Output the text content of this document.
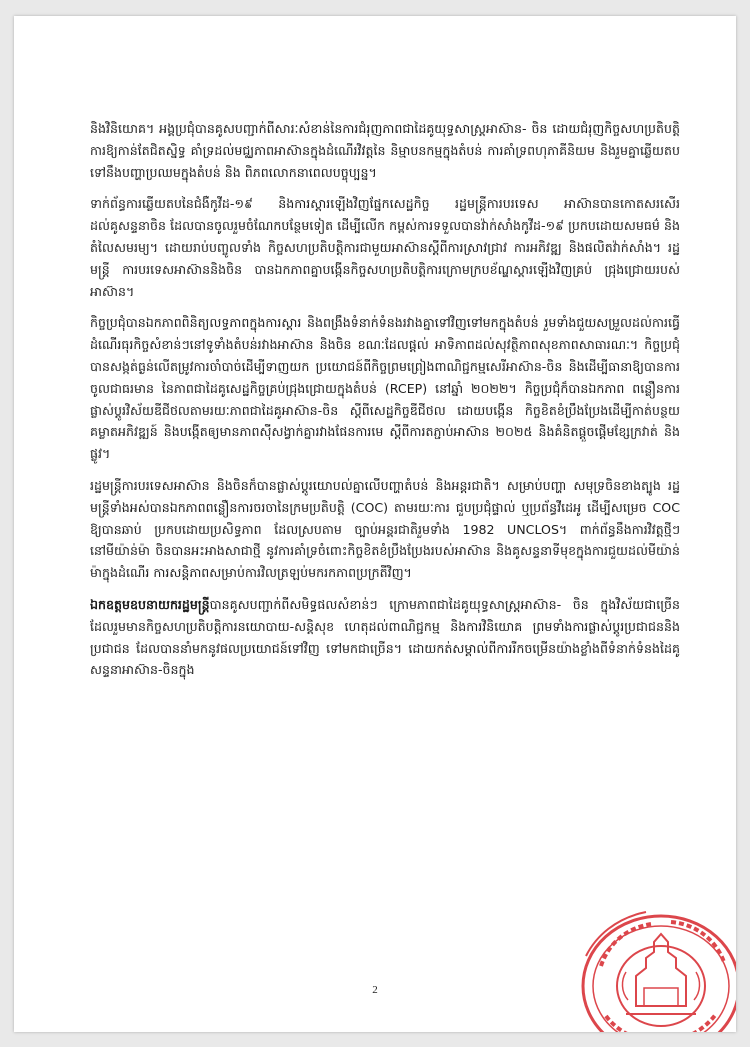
និងវិនិយោគ។ អង្គប្រជុំបានគូសបញ្ជាក់ពីសារៈសំខាន់នៃការជំរុញភាពជាដៃគូយុទ្ធសាស្ត្រអាស៊ាន- ចិន ដោយជំរុញកិច្ចសហប្រតិបត្តិការឱ្យកាន់តែជិតស្និទ្ធ គាំទ្រដល់មជ្ឈភាពអាស៊ានក្នុងដំណើរវិវត្តនៃ និម្មាបនកម្មក្នុងតំបន់ ការគាំទ្រពហុភាគីនិយម និងរួមគ្នាឆ្លើយតបទៅនឹងបញ្ហាប្រឈមក្នុងតំបន់ និង ពិភពលោកនាពេលបច្ចុប្បន្ន។

ទាក់ព័ន្ធការឆ្លើយតបនៃជំងឺកូវីដ-១៩ និងការស្តារឡើងវិញផ្នែកសេដ្ឋកិច្ច រដ្ឋមន្ត្រីការបរទេស អាស៊ានបានកោតសរសើរដល់គូសន្ទនាចិន ដែលបានចូលរួមចំណែកបន្ថែមទៀត ដើម្បីលើក កម្ពស់ការទទួលបានវ៉ាក់សាំងកូវីដ-១៩ ប្រកបដោយសមធម៌ និងតំលៃសមរម្យ។ ដោយរាប់បញ្ចូលទាំង កិច្ចសហប្រតិបត្តិការជាមួយអាស៊ានស្តីពីការស្រាវជ្រាវ ការអភិវឌ្ឍ និងផលិតវ៉ាក់សាំង។ រដ្ឋមន្ត្រី ការបរទេសអាស៊ាននិងចិន បានឯកភាពគ្នាបង្កើនកិច្ចសហប្រតិបត្តិការក្រោមក្របខ័ណ្ឌស្តារឡើងវិញគ្រប់ ជ្រុងជ្រោយរបស់អាស៊ាន។

កិច្ចប្រជុំបានឯកភាពពិនិត្យលទ្ធភាពក្នុងការស្តារ និងពង្រឹងទំនាក់ទំនងរវាងគ្នាទៅវិញទៅមកក្នុងតំបន់ រួមទាំងជួយសម្រួលដល់ការធ្វើដំណើរធុរកិច្ចសំខាន់ៗនៅទូទាំងតំបន់រវាងអាស៊ាន និងចិន ខណៈដែលផ្តល់ អាទិភាពដល់សុវត្ថិភាពសុខភាពសាធារណៈ។ កិច្ចប្រជុំបានសង្កត់ធ្ងន់លើតម្រូវការចាំបាច់ដើម្បីទាញយក ប្រយោជន៍ពីកិច្ចព្រមព្រៀងពាណិជ្ជកម្មសេរីអាស៊ាន-ចិន និងដើម្បីធានាឱ្យបានការចូលជាធរមាន នៃភាពជាដៃគូសេដ្ឋកិច្ចគ្រប់ជ្រុងជ្រោយក្នុងតំបន់ (RCEP) នៅឆ្នាំ ២០២២។ កិច្ចប្រជុំក៏បានឯកភាព ពន្លឿនការផ្លាស់ប្តូរវិស័យឌីជីថលតាមរយៈភាពជាដៃគូអាស៊ាន-ចិន ស្តីពីសេដ្ឋកិច្ចឌីជីថល ដោយបង្កើន កិច្ចខិតខំប្រឹងប្រែងដើម្បីកាត់បន្ថយគម្លាតអភិវឌ្ឍន៍ និងបង្កើតឲ្យមានភាពស៊ីសង្វាក់គ្នារវាងផែនការមេ ស្តីពីការតភ្ជាប់អាស៊ាន ២០២៥ និងគំនិតផ្តួចផ្តើមខ្សែក្រវាត់ និងផ្លូវ។

រដ្ឋមន្ត្រីការបរទេសអាស៊ាន និងចិនក៏បានផ្លាស់ប្តូរយោបល់គ្នាលើបញ្ហាតំបន់ និងអន្តរជាតិ។ សម្រាប់បញ្ហា សមុទ្រចិនខាងត្បូង រដ្ឋមន្ត្រីទាំងអស់បានឯកភាពពន្លឿនការចរចានៃក្រមប្រតិបត្តិ (COC) តាមរយៈការ ជួបប្រជុំផ្ទាល់ ឬប្រព័ន្ធវីដេអូ ដើម្បីសម្រេច COC ឱ្យបានឆាប់ ប្រកបដោយប្រសិទ្ធភាព ដែលស្របតាម ច្បាប់អន្តរជាតិរួមទាំង 1982 UNCLOS។ ពាក់ព័ន្ធនឹងការវិវត្តថ្មីៗនៅមីយ៉ាន់ម៉ា ចិនបានអះអាងសាជាថ្មី នូវការគាំទ្រចំពោះកិច្ចខិតខំប្រឹងប្រែងរបស់អាស៊ាន និងគូសន្ទនាទីមុខក្នុងការជួយដល់មីយ៉ាន់ម៉ាក្នុងដំណើរ ការសន្តិភាពសម្រាប់ការវិលត្រឡប់មករកភាពប្រក្រតីវិញ។

ឯកឧត្តមឧបនាយករដ្ឋមន្ត្រីបានគូសបញ្ជាក់ពីសមិទ្ធផលសំខាន់ៗ ក្រោមភាពជាដៃគូយុទ្ធសាស្ត្រអាស៊ាន- ចិន ក្នុងវិស័យជាច្រើនដែលរួមមានកិច្ចសហប្រតិបត្តិការនយោបាយ-សន្តិសុខ ហេតុដល់ពាណិជ្ជកម្ម និងការវិនិយោគ ព្រមទាំងការផ្លាស់ប្តូរប្រជាជននិងប្រជាជន ដែលបាននាំមកនូវផលប្រយោជន៍ទៅវិញ ទៅមកជាច្រើន។ ដោយកត់សម្គាល់ពីការរីកចម្រើនយ៉ាងខ្លាំងពីទំនាក់ទំនងដៃគូសន្ទនាអាស៊ាន-ចិនក្នុង

2
